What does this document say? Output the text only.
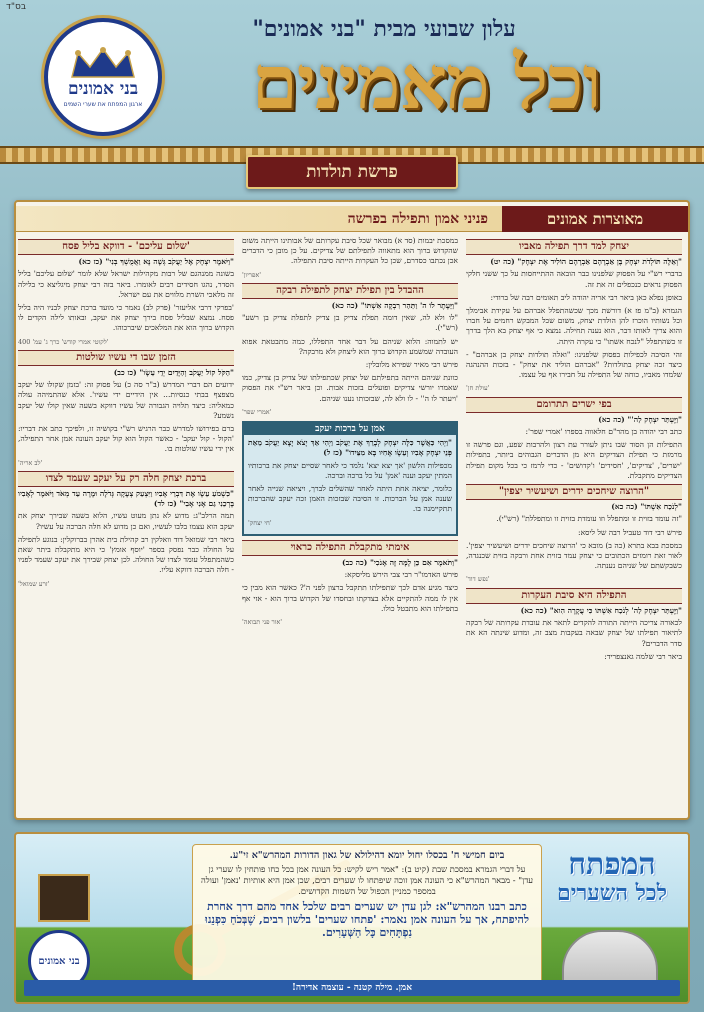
בס"ד
בני אמונים
ארגון המפתח את שערי השמים
עלון שבועי מבית "בני אמונים"
וכל מאמינים
פרשת תולדות
מאוצרות אמונים
פניני אמון ותפילה בפרשה
יצחק למד דרך תפילה מאביו
"וְאֵלֶּה תּוֹלְדֹת יִצְחָק בֶּן אַבְרָהָם אַבְרָהָם הוֹלִיד אֶת יִצְחָק" (כה יט)

בדברי רש"י על הפסוק שלפנינו כבר הובאה ההתייחסות על כך ששני חלקי הפסוק נראים כנכפלים זה את זה.

באופן נפלא כאן ביאר רבי אריה יהודה ליב תאומים רבה של ברודי:

הגמרא (ב"מ פז א) דורשת מכך שכשהתפלל אברהם על עקידת אבימלך וכל נשותיו הוכרז להן הולדת יצחק, משום שכל המבקש רחמים על חברו והוא צריך לאותו דבר, הוא נענה תחילה. נמצא כי אף יצחק בא הלך בדרך זו כשהתפלל "לנכח אשתו" כי עקרה היתה.

זהי הסיבה לכפילות בפסוק שלפנינו: "ואלה תולדות יצחק בן אברהם" - כיצד זכה יצחק בתולדות? "אברהם הוליד את יצחק" - בזכות ההנהגה שלמדו מאביו, כוחה של התפילה על חבירו אף על עצמו.

'עולת חן'
בפי ישרים תתרומם
"וַיֶּעְתַּר יִצְחָק לַה'" (כה כא)

כתב רבי יהודה בן מהר"ם חלאווה בספרו 'אמרי שפר':

התפילות הן הסוד שבו ניתן לעורר עת רצון ולהרבות שפע, וגם פרשה זו מרמזת כי תפילת הצדיקים היא מן הדברים הגבוהים ביותר, בתפילות 'ישרים', 'צדיקים', 'חסידים' ו'קדושים' - כדי לרמז כי בכל מקום תפילת הצדיקים מתקבלת.

"הרוצה שיחכים ידרים ושיעשיר יצפין"
"לְנֹכַח אִשְׁתּוֹ" (כה כא)

"זה עומד בזוית זו ומתפלל וזו עומדת בזוית זו ומתפללת" (רש"י).

פירש רבי דוד טעביל רבה של ליסא:

במסכת בבא בתרא (כה ב) מובא כי 'הרוצה שיחכים ידרים ושיעשיר יצפין'. לאור זאת רומזים הכתובים כי יצחק עמד בזוית אחת ורבקה בזוית שכנגדה, כשבקשתם של שניהם נענתה.

'נפש דוד'
התפילה היא סיבת העקרות
"וַיֶּעְתַּר יִצְחָק לַה' לְנֹכַח אִשְׁתּוֹ כִּי עֲקָרָה הִוא" (כה כא)

לכאורה צריכה הייתה התורה להקדים לתאר את עובדת עקרותה של רבקה לתיאור תפילתו של יצחק שבאה בעקבות מצב זה, ומדוע שינתה הא את סדר הדברים?

ביאר רבי שלמה גאנצפריד:

במסכת יבמות (סד א) מבואר שכל סיבת עקרותם של אבותינו הייתה משום שהקדוש ברוך הוא מתאווה לתפילתם של צדיקים. על כן מובן כי הדברים אכן נכתבו כסדרם, שכן כל העקרות הייתה סיבת התפילה.

'אפריון'
ההבדל בין תפילת יצחק לתפילת רבקה
"וַיֵּעָתֶר לוֹ ה' וַתַּהַר רִבְקָה אִשְׁתּוֹ" (כה כא)

"לו ולא לה, שאין דומה תפלת צדיק בן צדיק לתפלת צדיק בן רשע" (רש"י).

יש לתמוה: הלוא שניהם על דבר אחד התפללו, כמה מתבטאת אפוא העובדה שמשמע הקדוש ברוך הוא ליצחק ולא מרבקה?

פירש רבי מאיר שפירא מלובלין:

כוונת שניהם הייתה בתפילתם של יצחק שכתפילתו של צדיק בן צדיק, כמו שאמרו יורשי צדיקים ופועלים בזכות אבות. וכן ביאר רש"י את הפסוק 'ויעתר לו ה'' - לו ולא לה, שבזכותו נענו שניהם.

'אמרי שפר'
אמן על ברכות יעקב
"וַיְהִי כַּאֲשֶׁר כִּלָּה יִצְחָק לְבָרֵךְ אֶת יַעֲקֹב וַיְהִי אַךְ יָצֹא יָצָא יַעֲקֹב מֵאֵת פְּנֵי יִצְחָק אָבִיו וְעֵשָׂו אָחִיו בָּא מִצֵּידוֹ" (כז ל)

מכפילות הלשון 'אך יצא יצא' נלמד כי לאחר שסיים יצחק את ברכותיו המתין יעקב וענה 'אמן' על כל ברכה וברכה.

כלומר, יציאה אחת היתה לאחר שהשלים לברך, ויציאה שנייה לאחר שענה אמן על הברכות. זו הסיבה שבזכות האמן זכה יעקב שהברכות תתקיימנה בו.

'חי יצחק'
אימתי מתקבלת התפילה כראוי
"וַתֹּאמֶר אִם כֵּן לָמָּה זֶּה אָנֹכִי" (כה כב)

פירש האדמו"ר רבי צבי הירש מליסקא:

כיצד מגיע אדם לכך שתפילתו תתקבל ברצון לפני ה'? כאשר הוא מבין כי אין לו ממה להתקיים אלא בצדקתו ובחסדו של הקדוש ברוך הוא - אזי אף בתפילתו הוא מתבטל כולו.

'אור פני תבואה'
'שלום עליכם' - דווקא בליל פסח
"וַיֹּאמֶר יִצְחָק אֶל יַעֲקֹב גְּשָׁה נָּא וַאֲמֻשְׁךָ בְּנִי" (כז כא)

בשונה ממנהגם של רבות מקהילות ישראל שלא לומר 'שלום עליכם' בליל הסדר, נהגו חסידים רבים לאומרו. ביאר בזה רבי יצחק מיגליצא כי בלילה זה מלאכי השרת מלווים את עם ישראל.

'בפרקי דרבי אליעזר' (פרק לב) נאמר כי מועד ברכת יצחק לבניו היה בליל פסח. נמצא שבליל פסח בירך יצחק את יעקב, ובאותו לילה הקדים לו הקדוש ברוך הוא את המלאכים שיברכוהו.

'לקוטי אמרי קודש' כרך ג' עמ' 400
הזמן שבו די עשיו שולטות
"הַקֹּל קוֹל יַעֲקֹב וְהַיָּדַיִם יְדֵי עֵשָׂו" (כז כב)

ידועים הם דברי המדרש (ב"ר סה כ) על פסוק זה: 'בזמן שקולו של יעקב מצפצף בבתי כנסיות... אין הידיים ידי עשיו'. אלא שהתמיהה עולה כמאליה: כיצד תלויה הגבורה של עשיו דווקא בשעה שאין קולו של יעקב נשמע?

ברם בפירושו למדרש כבר הרגיש רש"י בקושיה זו, ולפיכך כתב את דבריו: 'הקול - קול יעקב' - כאשר הקול הוא קול יעקב העונה אמן אחר התפילה, אין ידי עשיו שולטות בו.

'לב אריה'
ברכת יצחק חלה רק על יעקב שעמד לצדו
"כִּשְׁמֹעַ עֵשָׂו אֶת דִּבְרֵי אָבִיו וַיִּצְעַק צְעָקָה גְּדֹלָה וּמָרָה עַד מְאֹד וַיֹּאמֶר לְאָבִיו בָּרְכֵנִי גַם אָנִי אָבִי" (כז לד)

תמה הרלב"ג: מדוע לא נתן מעוט עשיו, הלוא בשעה שבירך יצחק את יעקב הוא עצמו בלבו לעשיו, ואם כן מדוע לא חלה הברכה על עשיו?

ביאר רבי שמואל דוד וואלקין רב קהילת בית אהרן בברוקלין: בנוגע לתפילה על החולה כבר נפסק בספר 'יוסף אומץ' כי היא מתקבלת ביתר שאת כשהמתפלל עומד לצדו של החולה. לכן יצחק שבירך את יעקב שעמד לפניו - חלה הברכה דווקא עליו.

'זרע שמואל'
בני אמונים
ביום חמישי ח' בכסלו יחול יומא דהילולא של גאון הדורות המהרש"א זי"ע.
על דברי הגמרא במסכת שבת (קיט ב): "אמר ריש לקיש: כל העונה אמן בכל כחו פותחין לו שערי גן עדן" - מבאר המהרש"א כי העונה אמן זוכה שיפתחו לו שערים רבים, שכן אמן היא אותיות 'נאמן' ועולה במספר כמניין הכפול של השמות הקדושים.
כתב רבנו המהרש"א: לגן עדן יש שערים רבים שלכל אחד מהם דרך אחרת להיפתח, אך על העונה אמן נאמר: 'פתחו שערים' בלשון רבים, שֶׁבְּכֹחַ כִּפְנֵנוּ נִפְתָּחִים כָּל הַשְּׁעָרִים.
המפתח
לכל השערים
אמן. מילה קטנה - עוצמה אדירה!
